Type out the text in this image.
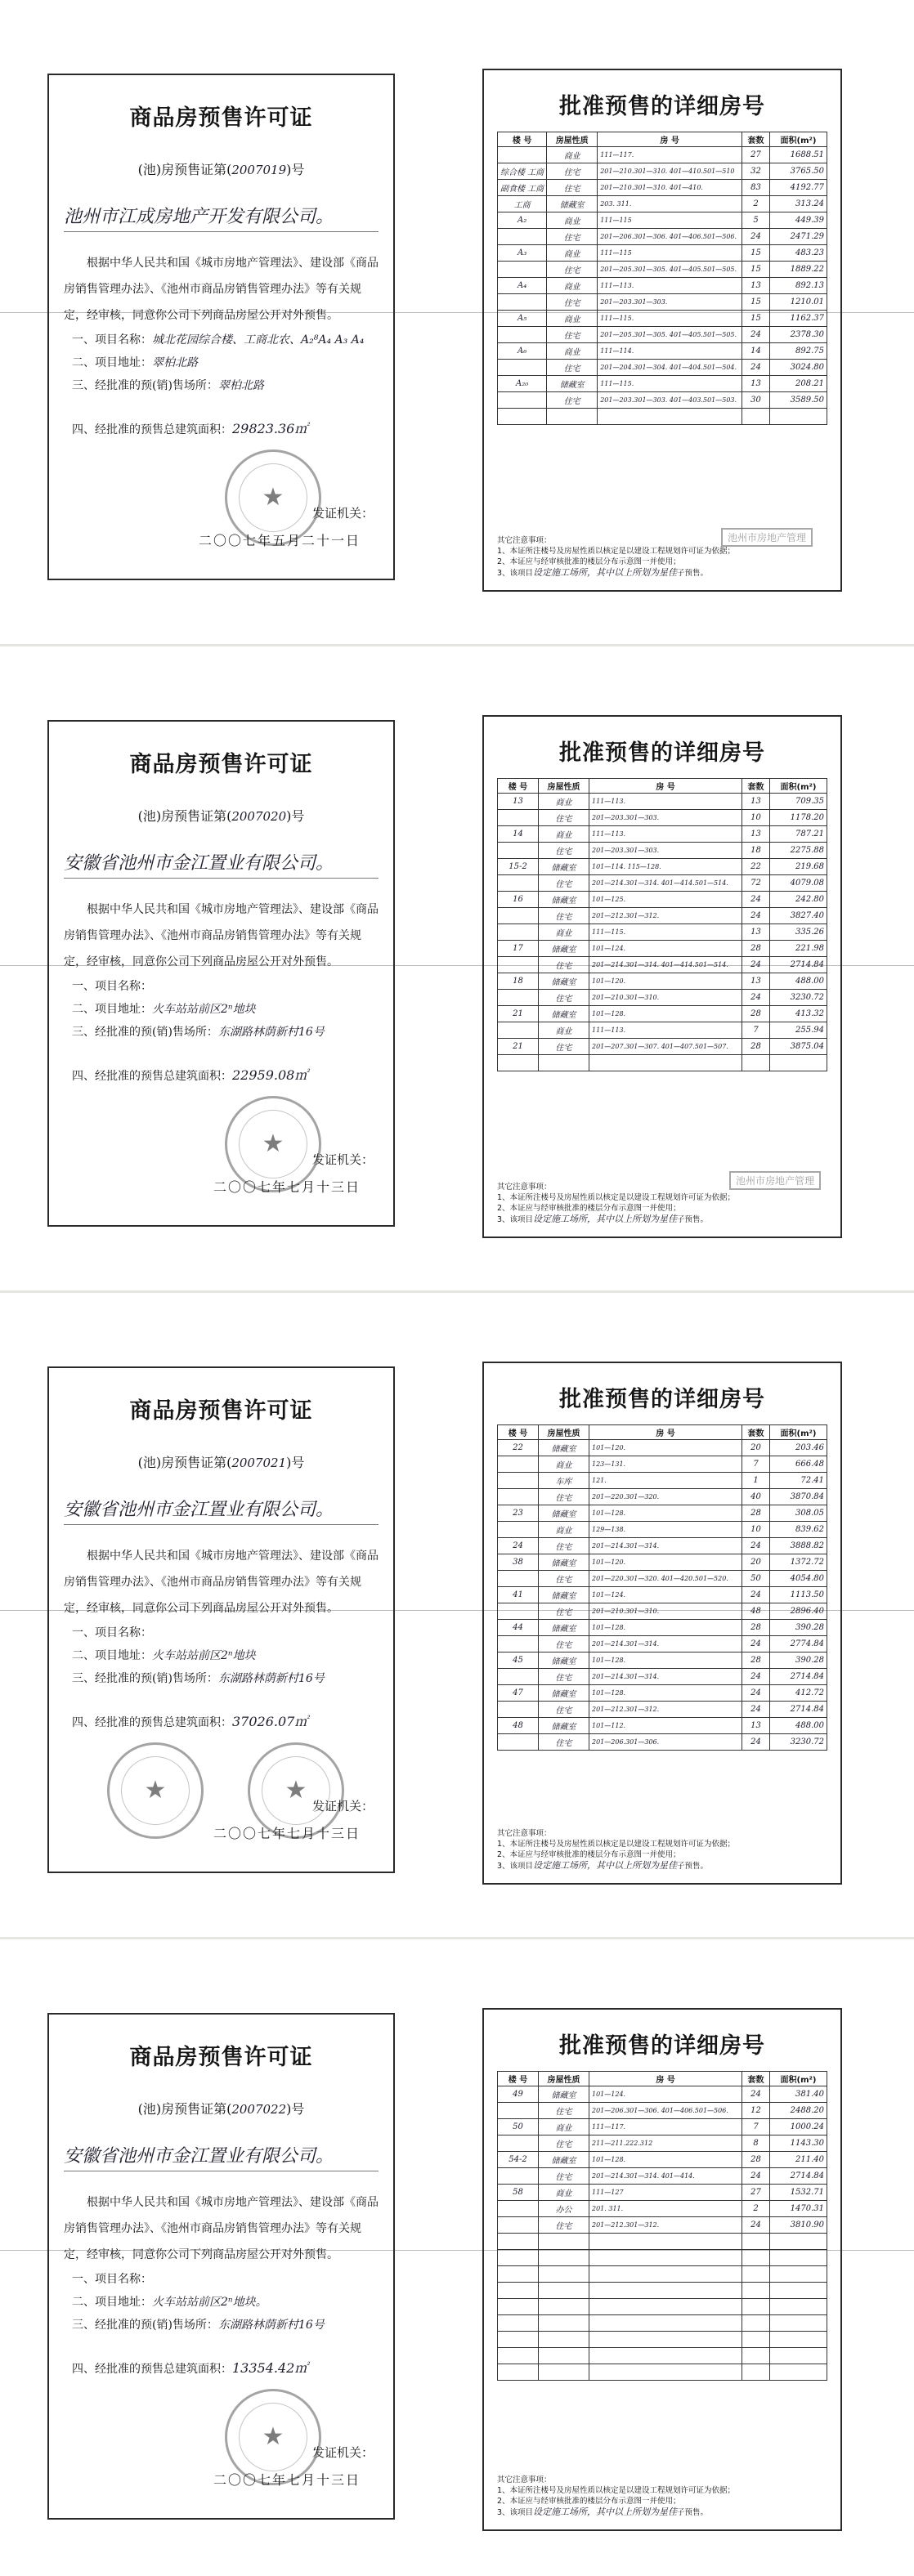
商品房预售许可证
(池)房预售证第(2007019)号
池州市江成房地产开发有限公司。

根据中华人民共和国《城市房地产管理法》、建设部《商品房销售管理办法》、《池州市商品房销售管理办法》等有关规定，经审核，同意你公司下列商品房屋公开对外预售。

一、项目名称：城北花园综合楼、工商北农、A₂⁸A₄ A₃ A₄
二、项目地址：翠柏北路
三、经批准的预(销)售场所：翠柏北路
四、经批准的预售总建筑面积：29823.36㎡
★
发证机关：
二〇〇七年五月二十一日
批准预售的详细房号
楼 号	房屋性质	房 号	套数	面积(m²)
	商业	111—117.	27	1688.51
综合楼 工商	住宅	201—210.301—310. 401—410.501—510	32	3765.50
副食楼 工商	住宅	201—210.301—310. 401—410.	83	4192.77
工商	储藏室	203. 311.	2	313.24
A₂	商业	111—115	5	449.39
	住宅	201—206.301—306. 401—406.501—506.	24	2471.29
A₃	商业	111—115	15	483.23
	住宅	201—205.301—305. 401—405.501—505.	15	1889.22
A₄	商业	111—113.	13	892.13
	住宅	201—203.301—303.	15	1210.01
A₅	商业	111—115.	15	1162.37
	住宅	201—205.301—305. 401—405.501—505.	24	2378.30
A₆	商业	111—114.	14	892.75
	住宅	201—204.301—304. 401—404.501—504.	24	3024.80
A₂₀	储藏室	111—115.	13	208.21
	住宅	201—203.301—303. 401—403.501—503.	30	3589.50

池州市房地产管理
其它注意事项：
1、本证所注楼号及房屋性质以核定是以建设工程规划许可证为依据；
2、本证应与经审核批准的楼层分布示意图一并使用；
3、该项目设定施工场所，其中以上所划为星佳子预售。
商品房预售许可证
(池)房预售证第(2007020)号
安徽省池州市金江置业有限公司。

根据中华人民共和国《城市房地产管理法》、建设部《商品房销售管理办法》、《池州市商品房销售管理办法》等有关规定，经审核，同意你公司下列商品房屋公开对外预售。

一、项目名称：
二、项目地址：火车站站前区2ⁿ地块
三、经批准的预(销)售场所：东湖路林荫新村16号
四、经批准的预售总建筑面积：22959.08㎡
★
发证机关：
二〇〇七年七月十三日
批准预售的详细房号
楼 号	房屋性质	房 号	套数	面积(m²)
13	商业	111—113.	13	709.35
	住宅	201—203.301—303.	10	1178.20
14	商业	111—113.	13	787.21
	住宅	201—203.301—303.	18	2275.88
15-2	储藏室	101—114. 115—128.	22	219.68
	住宅	201—214.301—314. 401—414.501—514.	72	4079.08
16	储藏室	101—125.	24	242.80
	住宅	201—212.301—312.	24	3827.40
	商业	111—115.	13	335.26
17	储藏室	101—124.	28	221.98
	住宅	201—214.301—314. 401—414.501—514.	24	2714.84
18	储藏室	101—120.	13	488.00
	住宅	201—210.301—310.	24	3230.72
21	储藏室	101—128.	28	413.32
	商业	111—113.	7	255.94
21	住宅	201—207.301—307. 401—407.501—507.	28	3875.04

池州市房地产管理
其它注意事项：
1、本证所注楼号及房屋性质以核定是以建设工程规划许可证为依据；
2、本证应与经审核批准的楼层分布示意图一并使用；
3、该项目设定施工场所，其中以上所划为星佳子预售。
商品房预售许可证
(池)房预售证第(2007021)号
安徽省池州市金江置业有限公司。

根据中华人民共和国《城市房地产管理法》、建设部《商品房销售管理办法》、《池州市商品房销售管理办法》等有关规定，经审核，同意你公司下列商品房屋公开对外预售。

一、项目名称：
二、项目地址：火车站站前区2ⁿ地块
三、经批准的预(销)售场所：东湖路林荫新村16号
四、经批准的预售总建筑面积：37026.07㎡
★	★
发证机关：
二〇〇七年七月十三日
批准预售的详细房号
楼 号	房屋性质	房 号	套数	面积(m²)
22	储藏室	101—120.	20	203.46
	商业	123—131.	7	666.48
	车库	121.	1	72.41
	住宅	201—220.301—320.	40	3870.84
23	储藏室	101—128.	28	308.05
	商业	129—138.	10	839.62
24	住宅	201—214.301—314.	24	3888.82
38	储藏室	101—120.	20	1372.72
	住宅	201—220.301—320. 401—420.501—520.	50	4054.80
41	储藏室	101—124.	24	1113.50
	住宅	201—210.301—310.	48	2896.40
44	储藏室	101—128.	28	390.28
	住宅	201—214.301—314.	24	2774.84
45	储藏室	101—128.	28	390.28
	住宅	201—214.301—314.	24	2714.84
47	储藏室	101—128.	24	412.72
	住宅	201—212.301—312.	24	2714.84
48	储藏室	101—112.	13	488.00
	住宅	201—206.301—306.	24	3230.72
其它注意事项：
1、本证所注楼号及房屋性质以核定是以建设工程规划许可证为依据；
2、本证应与经审核批准的楼层分布示意图一并使用；
3、该项目设定施工场所，其中以上所划为星佳子预售。
商品房预售许可证
(池)房预售证第(2007022)号
安徽省池州市金江置业有限公司。

根据中华人民共和国《城市房地产管理法》、建设部《商品房销售管理办法》、《池州市商品房销售管理办法》等有关规定，经审核，同意你公司下列商品房屋公开对外预售。

一、项目名称：
二、项目地址：火车站站前区2ⁿ地块。
三、经批准的预(销)售场所：东湖路林荫新村16号
四、经批准的预售总建筑面积：13354.42㎡
★
发证机关：
二〇〇七年七月十三日
批准预售的详细房号
楼 号	房屋性质	房 号	套数	面积(m²)
49	储藏室	101—124.	24	381.40
	住宅	201—206.301—306. 401—406.501—506.	12	2488.20
50	商业	111—117.	7	1000.24
	住宅	211—211.222.312	8	1143.30
54-2	储藏室	101—128.	28	211.40
	住宅	201—214.301—314. 401—414.	24	2714.84
58	商业	111—127	27	1532.71
	办公	201. 311.	2	1470.31
	住宅	201—212.301—312.	24	3810.90

其它注意事项：
1、本证所注楼号及房屋性质以核定是以建设工程规划许可证为依据；
2、本证应与经审核批准的楼层分布示意图一并使用；
3、该项目设定施工场所，其中以上所划为星佳子预售。
